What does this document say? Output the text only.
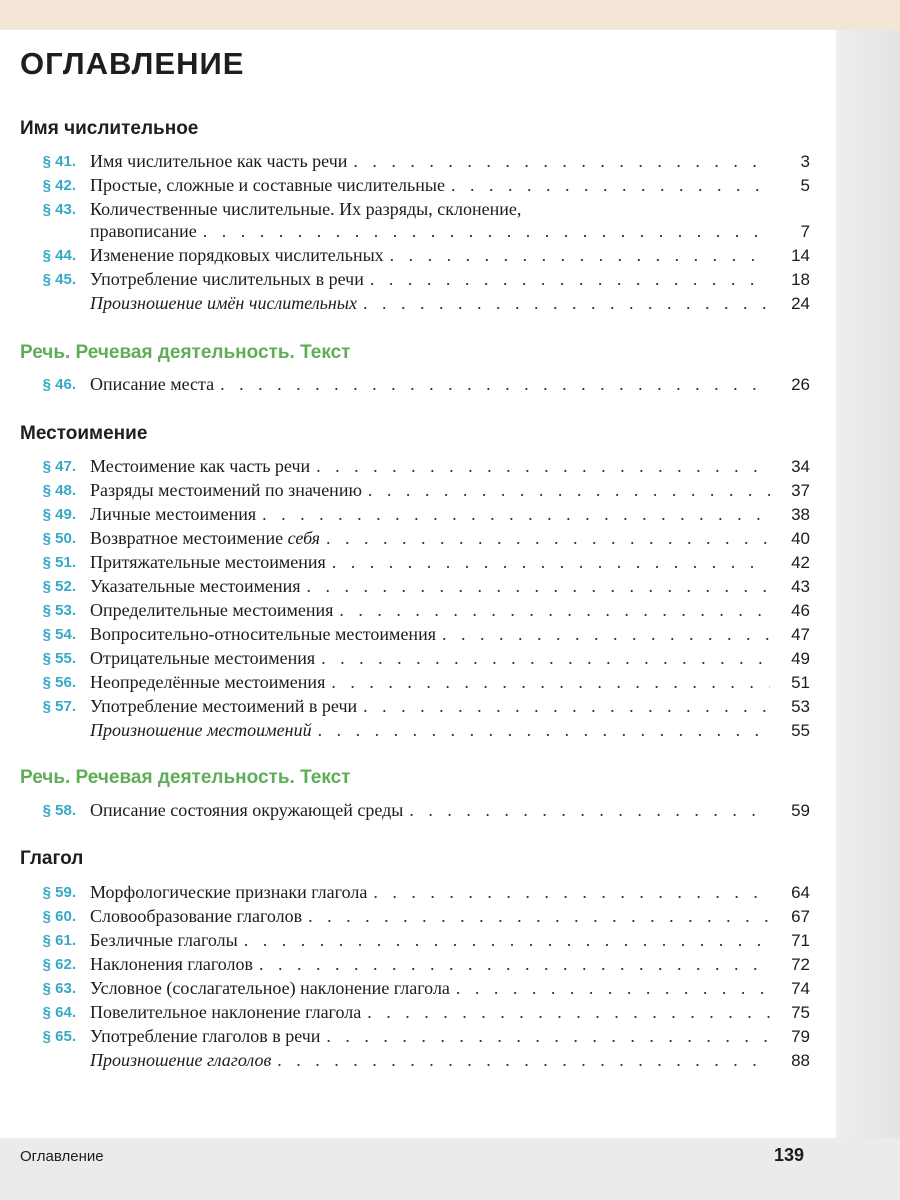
ОГЛАВЛЕНИЕ
Имя числительное
§ 41. Имя числительное как часть речи . . .	3
§ 42. Простые, сложные и составные числительные . . .	5
§ 43. Количественные числительные. Их разряды, склонение,
правописание . . .	7
§ 44. Изменение порядковых числительных . . .	14
§ 45. Употребление числительных в речи . . .	18
Произношение имён числительных . . .	24
Речь. Речевая деятельность. Текст
§ 46. Описание места . . .	26
Местоимение
§ 47. Местоимение как часть речи . . .	34
§ 48. Разряды местоимений по значению . . .	37
§ 49. Личные местоимения . . .	38
§ 50. Возвратное местоимение
себя . . .	40
§ 51. Притяжательные местоимения . . .	42
§ 52. Указательные местоимения . . .	43
§ 53. Определительные местоимения . . .	46
§ 54. Вопросительно-относительные местоимения . . .	47
§ 55. Отрицательные местоимения . . .	49
§ 56. Неопределённые местоимения . . .	51
§ 57. Употребление местоимений в речи . . .	53
Произношение местоимений . . .	55
Речь. Речевая деятельность. Текст
§ 58. Описание состояния окружающей среды . . .	59
Глагол
§ 59. Морфологические признаки глагола . . .	64
§ 60. Словообразование глаголов . . .	67
§ 61. Безличные глаголы . . .	71
§ 62. Наклонения глаголов . . .	72
§ 63. Условное (сослагательное) наклонение глагола . . .	74
§ 64. Повелительное наклонение глагола . . .	75
§ 65. Употребление глаголов в речи . . .	79
Произношение глаголов . . .	88
Оглавление	139
